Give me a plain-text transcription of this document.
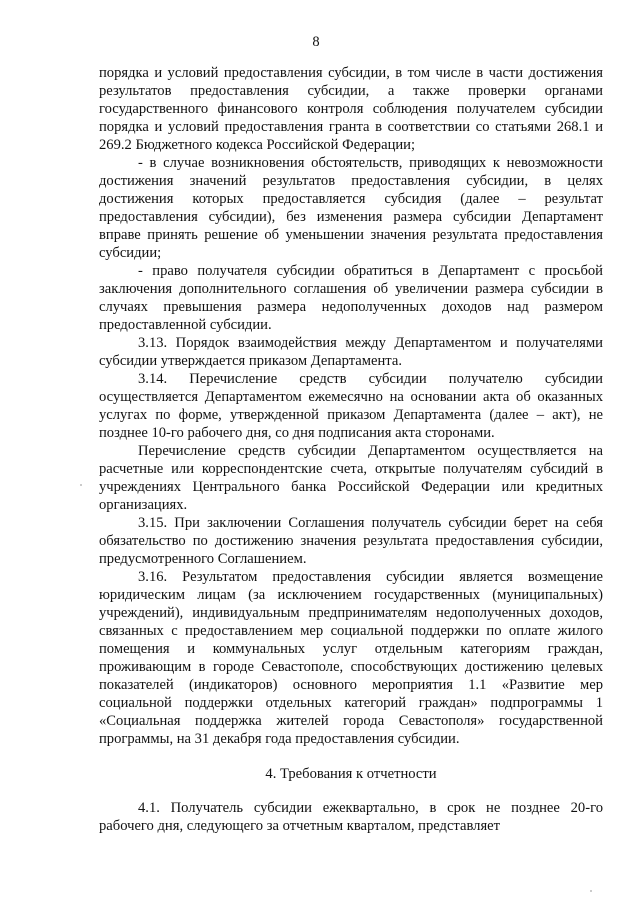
8

порядка и условий предоставления субсидии, в том числе в части достижения результатов предоставления субсидии, а также проверки органами государственного финансового контроля соблюдения получателем субсидии порядка и условий предоставления гранта в соответствии со статьями 268.1 и 269.2 Бюджетного кодекса Российской Федерации;

- в случае возникновения обстоятельств, приводящих к невозможности достижения значений результатов предоставления субсидии, в целях достижения которых предоставляется субсидия (далее – результат предоставления субсидии), без изменения размера субсидии Департамент вправе принять решение об уменьшении значения результата предоставления субсидии;

- право получателя субсидии обратиться в Департамент с просьбой заключения дополнительного соглашения об увеличении размера субсидии в случаях превышения размера недополученных доходов над размером предоставленной субсидии.

3.13. Порядок взаимодействия между Департаментом и получателями субсидии утверждается приказом Департамента.

3.14. Перечисление средств субсидии получателю субсидии осуществляется Департаментом ежемесячно на основании акта об оказанных услугах по форме, утвержденной приказом Департамента (далее – акт), не позднее 10-го рабочего дня, со дня подписания акта сторонами.

Перечисление средств субсидии Департаментом осуществляется на расчетные или корреспондентские счета, открытые получателям субсидий в учреждениях Центрального банка Российской Федерации или кредитных организациях.

3.15. При заключении Соглашения получатель субсидии берет на себя обязательство по достижению значения результата предоставления субсидии, предусмотренного Соглашением.

3.16. Результатом предоставления субсидии является возмещение юридическим лицам (за исключением государственных (муниципальных) учреждений), индивидуальным предпринимателям недополученных доходов, связанных с предоставлением мер социальной поддержки по оплате жилого помещения и коммунальных услуг отдельным категориям граждан, проживающим в городе Севастополе, способствующих достижению целевых показателей (индикаторов) основного мероприятия 1.1 «Развитие мер социальной поддержки отдельных категорий граждан» подпрограммы 1 «Социальная поддержка жителей города Севастополя» государственной программы, на 31 декабря года предоставления субсидии.

4. Требования к отчетности

4.1. Получатель субсидии ежеквартально, в срок не позднее 20-го рабочего дня, следующего за отчетным кварталом, представляет
